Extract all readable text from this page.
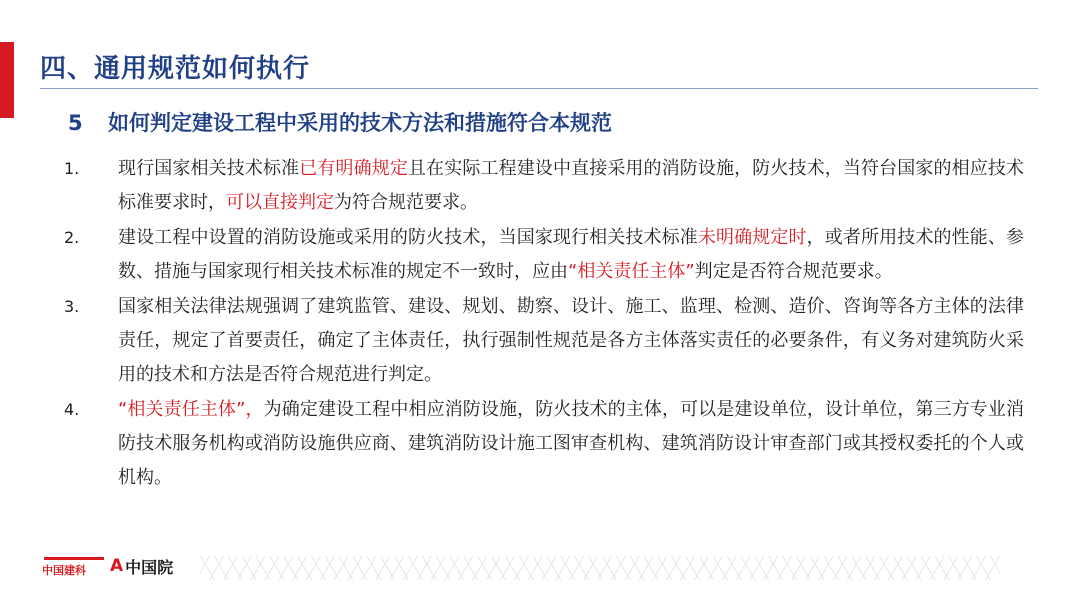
四、通用规范如何执行
5 如何判定建设工程中采用的技术方法和措施符合本规范
1.	现行国家相关技术标准已有明确规定且在实际工程建设中直接采用的消防设施，防火技术，当符台国家的相应技术标准要求时，可以直接判定为符合规范要求。
2.	建设工程中设置的消防设施或采用的防火技术，当国家现行相关技术标准未明确规定时，或者所用技术的性能、参数、措施与国家现行相关技术标准的规定不一致时，应由“相关责任主体”判定是否符合规范要求。
3.	国家相关法律法规强调了建筑监管、建设、规划、勘察、设计、施工、监理、检测、造价、咨询等各方主体的法律责任，规定了首要责任，确定了主体责任，执行强制性规范是各方主体落实责任的必要条件，有义务对建筑防火采用的技术和方法是否符合规范进行判定。
4.	“相关责任主体”，为确定建设工程中相应消防设施，防火技术的主体，可以是建设单位，设计单位，第三方专业消防技术服务机构或消防设施供应商、建筑消防设计施工图审查机构、建筑消防设计审查部门或其授权委托的个人或机构。
中国建科 A 中国院
